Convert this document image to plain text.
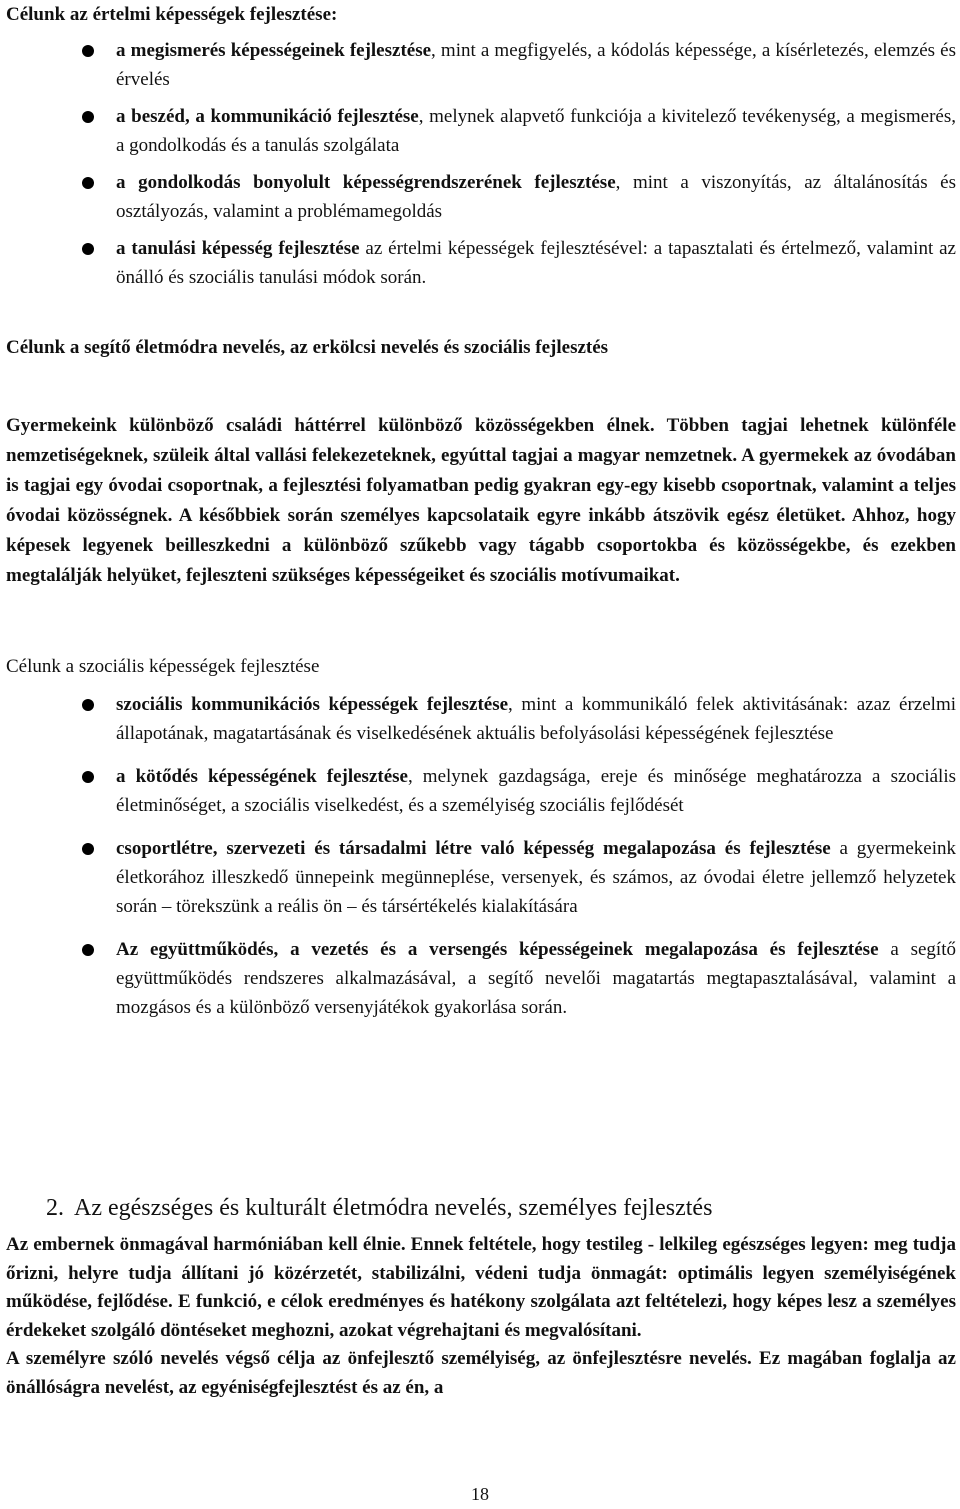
Célunk az értelmi képességek fejlesztése:

a megismerés képességeinek fejlesztése, mint a megfigyelés, a kódolás képessége, a kísérletezés, elemzés és érvelés
a beszéd, a kommunikáció fejlesztése, melynek alapvető funkciója a kivitelező tevékenység, a megismerés, a gondolkodás és a tanulás szolgálata
a gondolkodás bonyolult képességrendszerének fejlesztése, mint a viszonyítás, az általánosítás és osztályozás, valamint a problémamegoldás
a tanulási képesség fejlesztése az értelmi képességek fejlesztésével: a tapasztalati és értelmező, valamint az önálló és szociális tanulási módok során.

Célunk a segítő életmódra nevelés, az erkölcsi nevelés és szociális fejlesztés

Gyermekeink különböző családi háttérrel különböző közösségekben élnek. Többen tagjai lehetnek különféle nemzetiségeknek, szüleik által vallási felekezeteknek, egyúttal tagjai a magyar nemzetnek. A gyermekek az óvodában is tagjai egy óvodai csoportnak, a fejlesztési folyamatban pedig gyakran egy-egy kisebb csoportnak, valamint a teljes óvodai közösségnek. A későbbiek során személyes kapcsolataik egyre inkább átszövik egész életüket. Ahhoz, hogy képesek legyenek beilleszkedni a különböző szűkebb vagy tágabb csoportokba és közösségekbe, és ezekben megtalálják helyüket, fejleszteni szükséges képességeiket és szociális motívumaikat.

Célunk a szociális képességek fejlesztése

szociális kommunikációs képességek fejlesztése, mint a kommunikáló felek aktivitásának: azaz érzelmi állapotának, magatartásának és viselkedésének aktuális befolyásolási képességének fejlesztése
a kötődés képességének fejlesztése, melynek gazdagsága, ereje és minősége meghatározza a szociális életminőséget, a szociális viselkedést, és a személyiség szociális fejlődését
csoportlétre, szervezeti és társadalmi létre való képesség megalapozása és fejlesztése a gyermekeink életkorához illeszkedő ünnepeink megünneplése, versenyek, és számos, az óvodai életre jellemző helyzetek során – törekszünk a reális ön – és társértékelés kialakítására
Az együttműködés, a vezetés és a versengés képességeinek megalapozása és fejlesztése a segítő együttműködés rendszeres alkalmazásával, a segítő nevelői magatartás megtapasztalásával, valamint a mozgásos és a különböző versenyjátékok gyakorlása során.

2. Az egészséges és kulturált életmódra nevelés, személyes fejlesztés

Az embernek önmagával harmóniában kell élnie. Ennek feltétele, hogy testileg - lelkileg egészséges legyen: meg tudja őrizni, helyre tudja állítani jó közérzetét, stabilizálni, védeni tudja önmagát: optimális legyen személyiségének működése, fejlődése. E funkció, e célok eredményes és hatékony szolgálata azt feltételezi, hogy képes lesz a személyes érdekeket szolgáló döntéseket meghozni, azokat végrehajtani és megvalósítani.
A személyre szóló nevelés végső célja az önfejlesztő személyiség, az önfejlesztésre nevelés. Ez magában foglalja az önállóságra nevelést, az egyéniségfejlesztést és az én, a
18
